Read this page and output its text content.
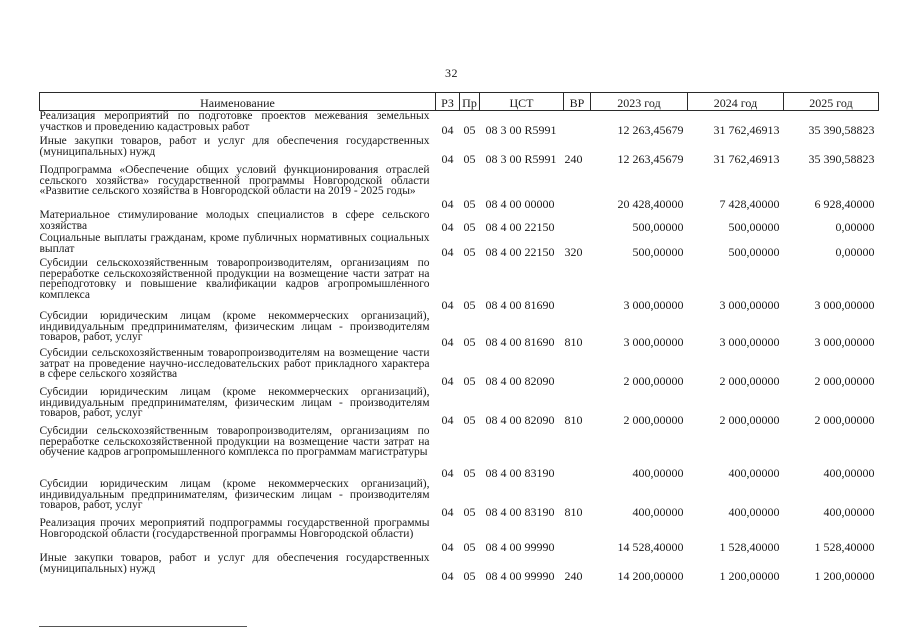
32
Наименование	РЗ	Пр	ЦСТ	ВР	2023 год	2024 год	2025 год

Реализация мероприятий по подготовке проектов межевания земельных участков и проведению кадастровых работ	04	05	08 3 00 R5991		12 263,45679	31 762,46913	35 390,58823

Иные закупки товаров, работ и услуг для обеспечения государственных (муниципальных) нужд	04	05	08 3 00 R5991	240	12 263,45679	31 762,46913	35 390,58823

Подпрограмма «Обеспечение общих условий функционирования отраслей сельского хозяйства» государственной программы Новгородской области «Развитие сельского хозяйства в Новгородской области на 2019 - 2025 годы»	04	05	08 4 00 00000		20 428,40000	7 428,40000	6 928,40000

Материальное стимулирование молодых специалистов в сфере сельского хозяйства	04	05	08 4 00 22150		500,00000	500,00000	0,00000

Социальные выплаты гражданам, кроме публичных нормативных социальных выплат	04	05	08 4 00 22150	320	500,00000	500,00000	0,00000

Субсидии сельскохозяйственным товаропроизводителям, организациям по переработке сельскохозяйственной продукции на возмещение части затрат на переподготовку и повышение квалификации кадров агропромышленного комплекса	04	05	08 4 00 81690		3 000,00000	3 000,00000	3 000,00000

Субсидии юридическим лицам (кроме некоммерческих организаций), индивидуальным предпринимателям, физическим лицам - производителям товаров, работ, услуг	04	05	08 4 00 81690	810	3 000,00000	3 000,00000	3 000,00000

Субсидии сельскохозяйственным товаропроизводителям на возмещение части затрат на проведение научно-исследовательских работ прикладного характера в сфере сельского хозяйства	04	05	08 4 00 82090		2 000,00000	2 000,00000	2 000,00000

Субсидии юридическим лицам (кроме некоммерческих организаций), индивидуальным предпринимателям, физическим лицам - производителям товаров, работ, услуг	04	05	08 4 00 82090	810	2 000,00000	2 000,00000	2 000,00000

Субсидии сельскохозяйственным товаропроизводителям, организациям по переработке сельскохозяйственной продукции на возмещение части затрат на обучение кадров агропромышленного комплекса по программам магистратуры	04	05	08 4 00 83190		400,00000	400,00000	400,00000

Субсидии юридическим лицам (кроме некоммерческих организаций), индивидуальным предпринимателям, физическим лицам - производителям товаров, работ, услуг	04	05	08 4 00 83190	810	400,00000	400,00000	400,00000

Реализация прочих мероприятий подпрограммы государственной программы Новгородской области (государственной программы Новгородской области)	04	05	08 4 00 99990		14 528,40000	1 528,40000	1 528,40000

Иные закупки товаров, работ и услуг для обеспечения государственных (муниципальных) нужд	04	05	08 4 00 99990	240	14 200,00000	1 200,00000	1 200,00000
